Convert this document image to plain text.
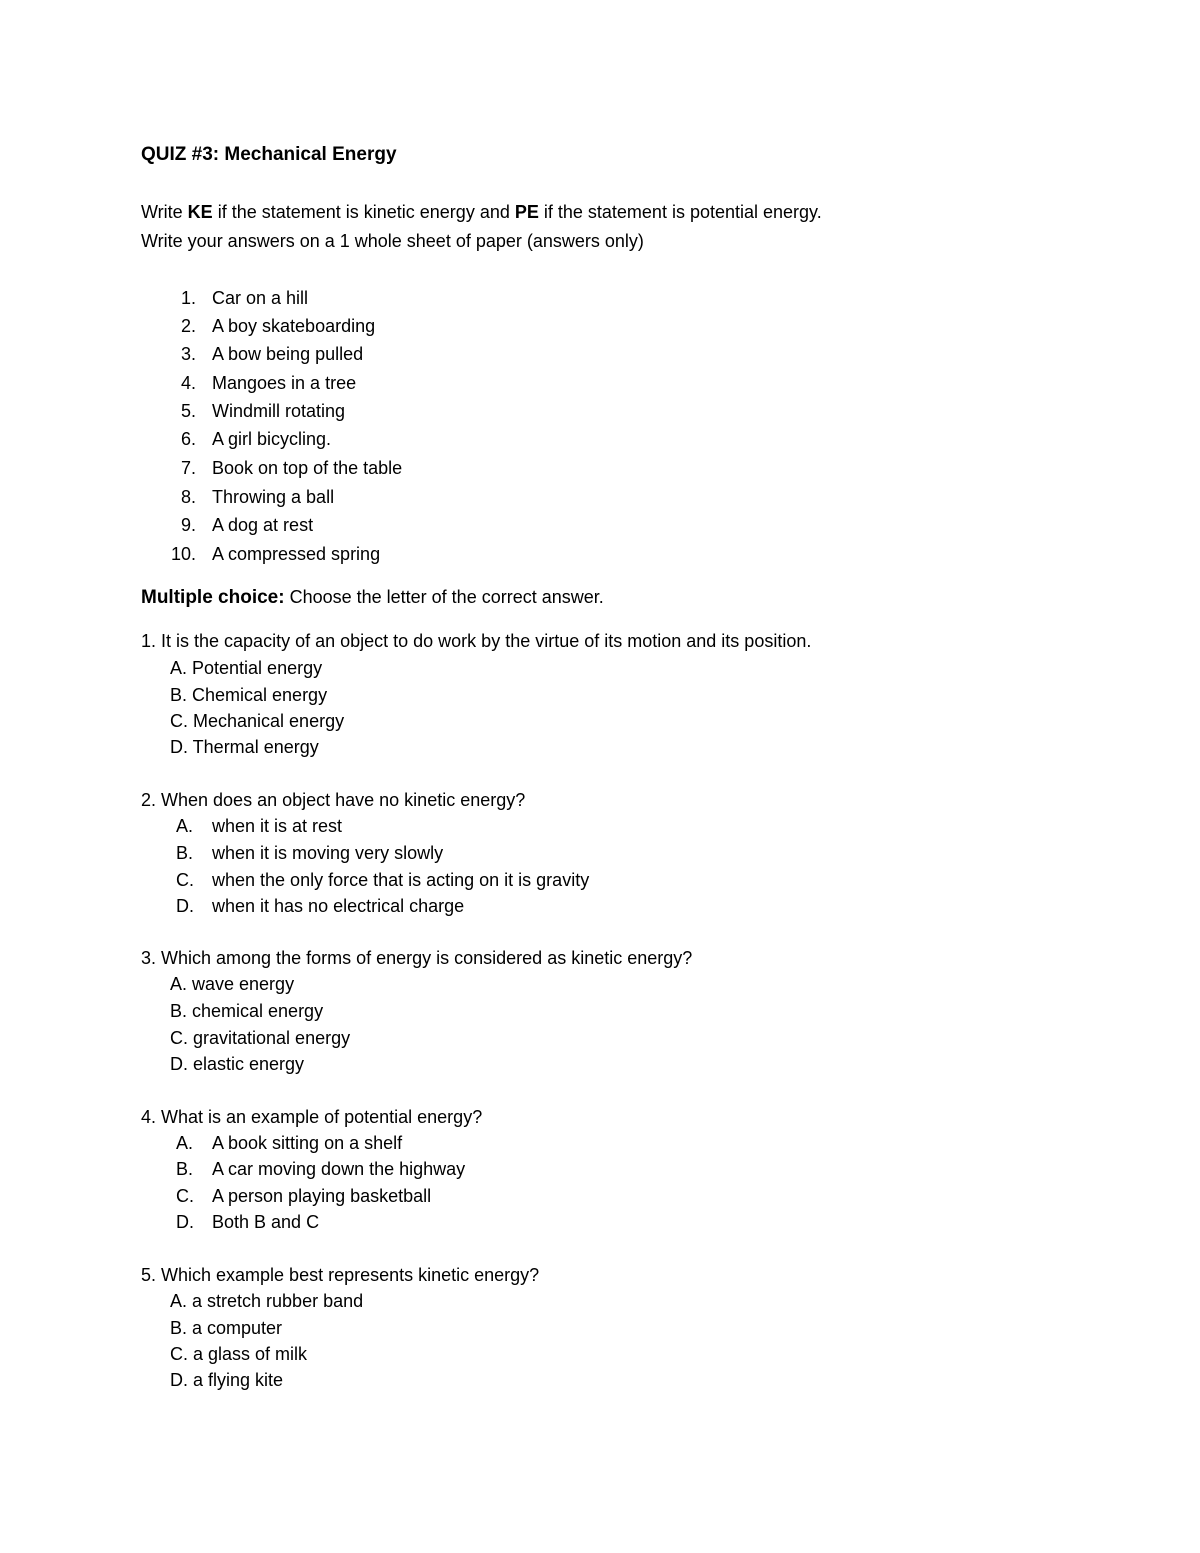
QUIZ #3: Mechanical Energy
Write KE if the statement is kinetic energy and PE if the statement is potential energy.
Write your answers on a 1 whole sheet of paper (answers only)
1. Car on a hill
2. A boy skateboarding
3. A bow being pulled
4. Mangoes in a tree
5. Windmill rotating
6. A girl bicycling.
7. Book on top of the table
8. Throwing a ball
9. A dog at rest
10. A compressed spring
Multiple choice: Choose the letter of the correct answer.
1. It is the capacity of an object to do work by the virtue of its motion and its position.
A. Potential energy
B. Chemical energy
C. Mechanical energy
D. Thermal energy
2. When does an object have no kinetic energy?
A. when it is at rest
B. when it is moving very slowly
C. when the only force that is acting on it is gravity
D. when it has no electrical charge
3. Which among the forms of energy is considered as kinetic energy?
A. wave energy
B. chemical energy
C. gravitational energy
D. elastic energy
4. What is an example of potential energy?
A. A book sitting on a shelf
B. A car moving down the highway
C. A person playing basketball
D. Both B and C
5. Which example best represents kinetic energy?
A. a stretch rubber band
B. a computer
C. a glass of milk
D. a flying kite
